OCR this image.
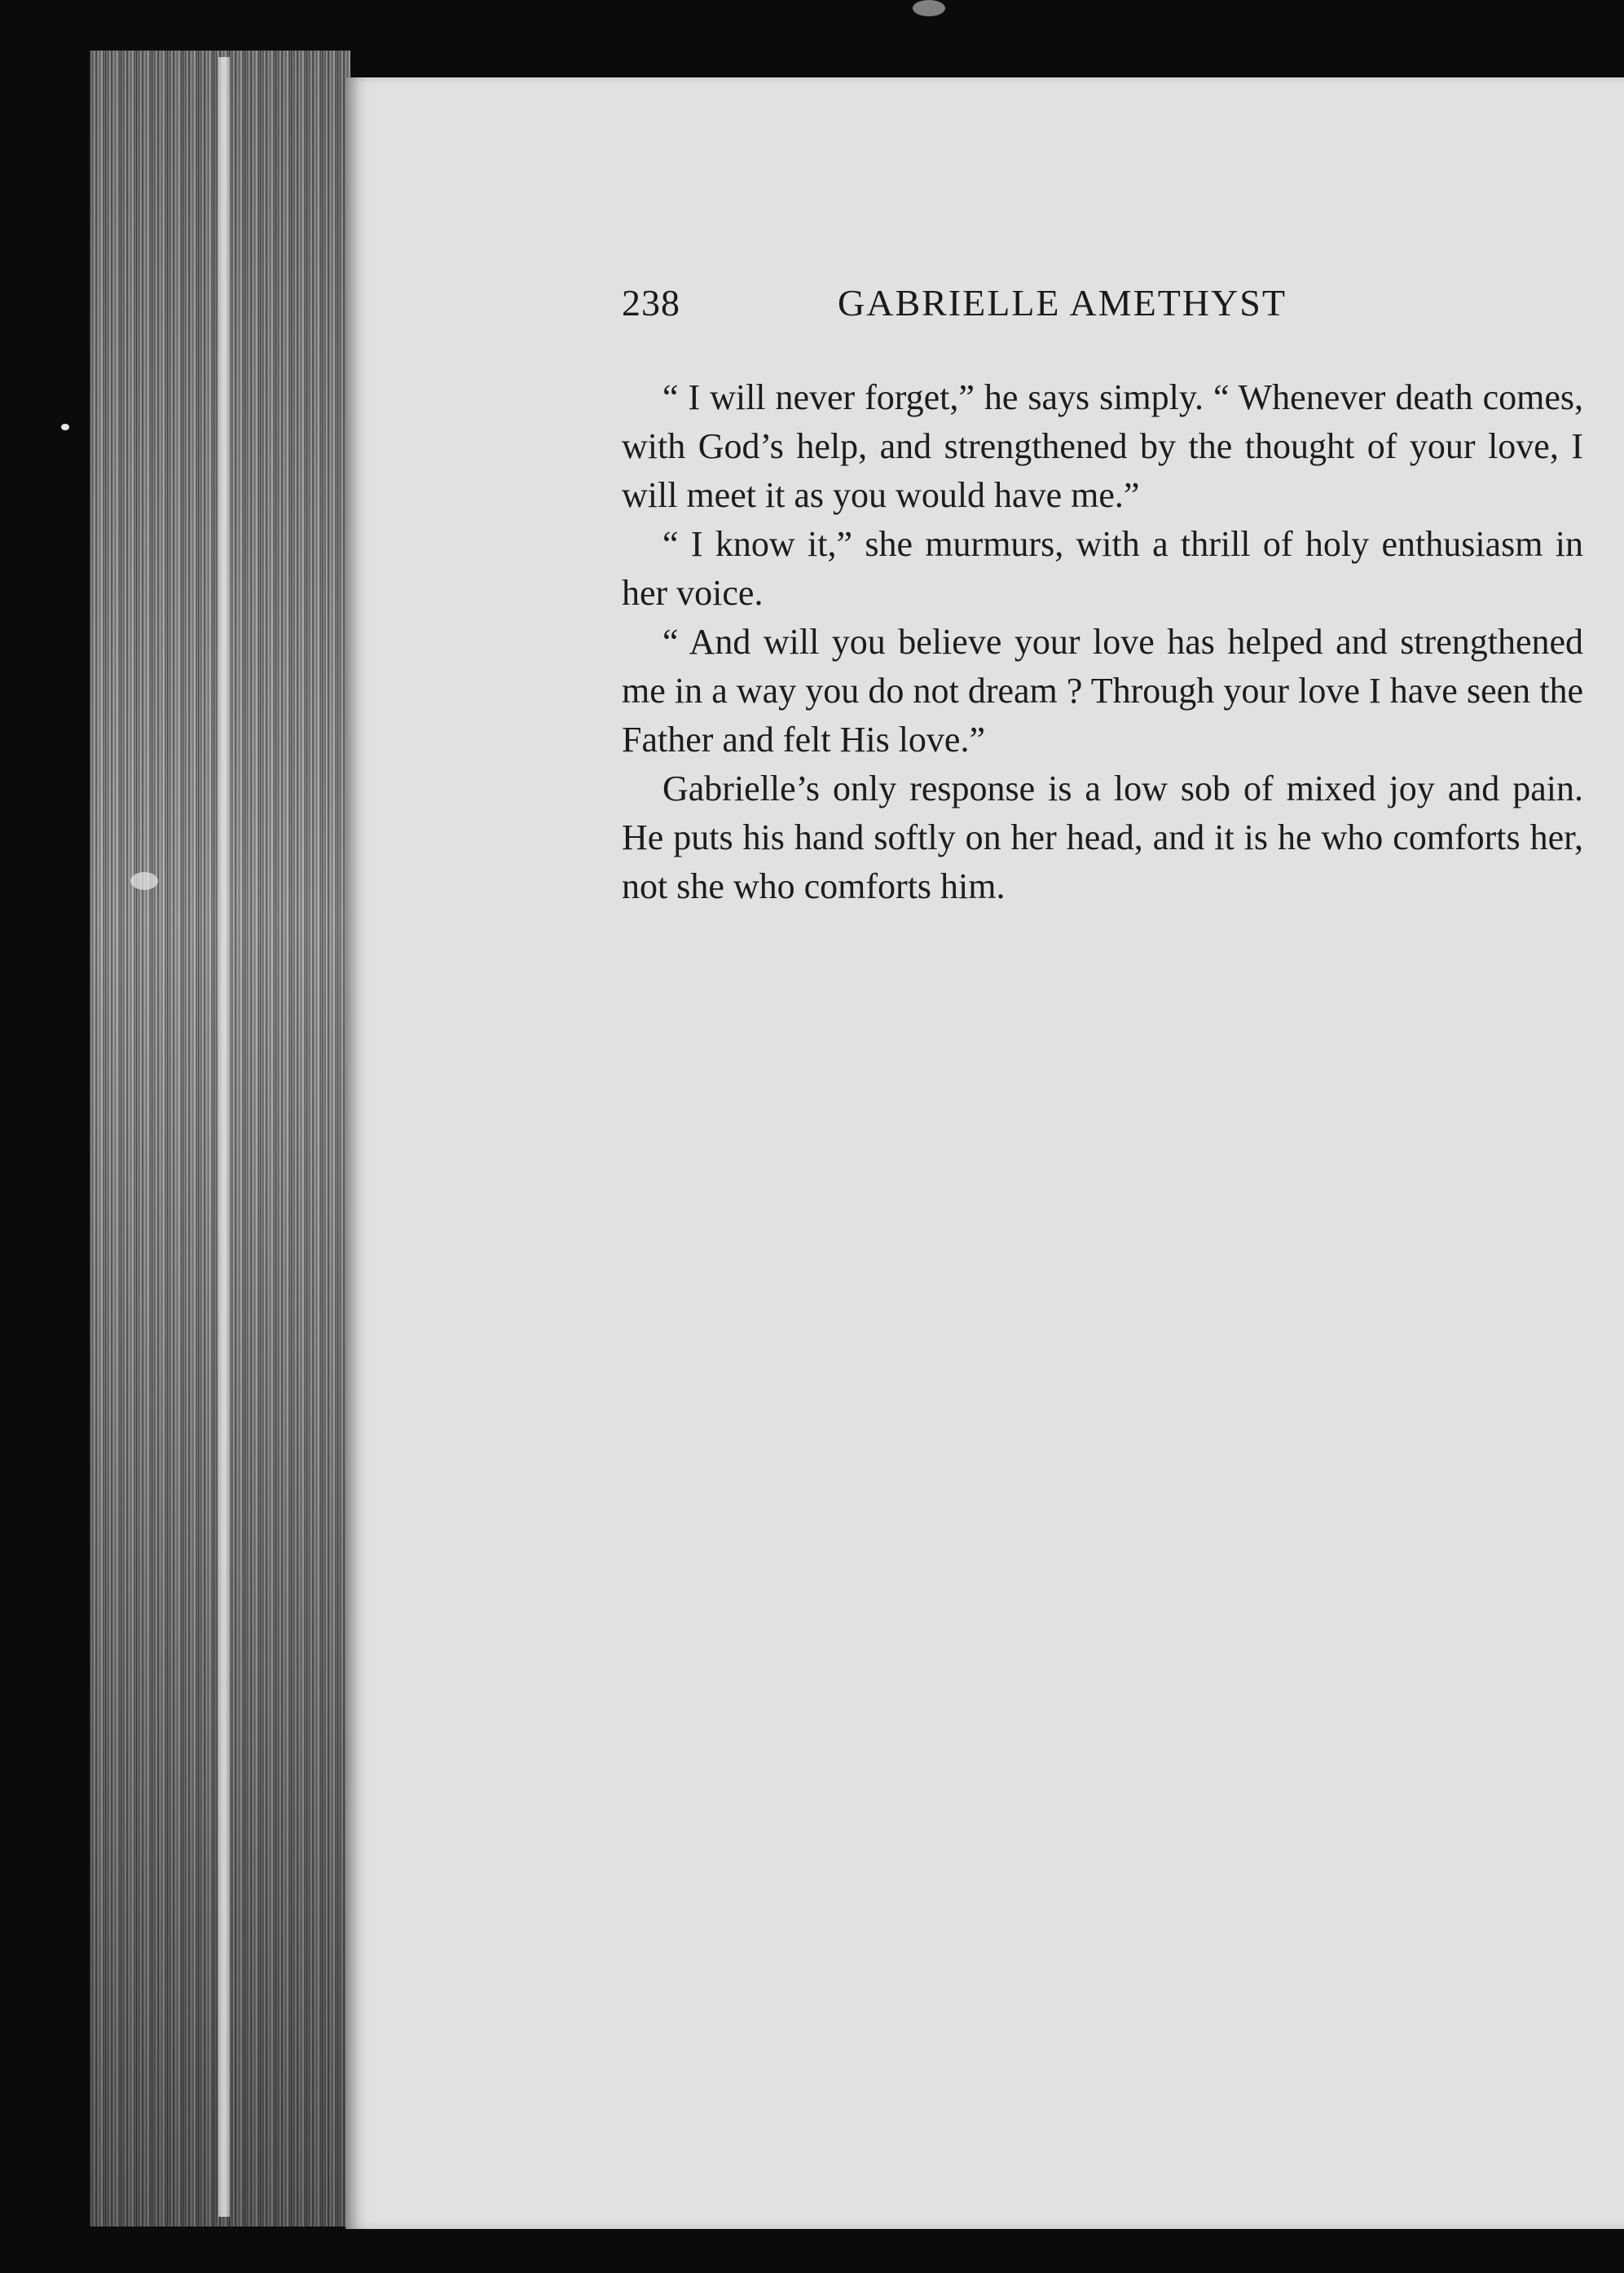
238	GABRIELLE AMETHYST

“ I will never forget,” he says simply. “ Whenever death comes, with God’s help, and strengthened by the thought of your love, I will meet it as you would have me.”

“ I know it,” she murmurs, with a thrill of holy enthusiasm in her voice.

“ And will you believe your love has helped and strengthened me in a way you do not dream ? Through your love I have seen the Father and felt His love.”

Gabrielle’s only response is a low sob of mixed joy and pain. He puts his hand softly on her head, and it is he who comforts her, not she who comforts him.
